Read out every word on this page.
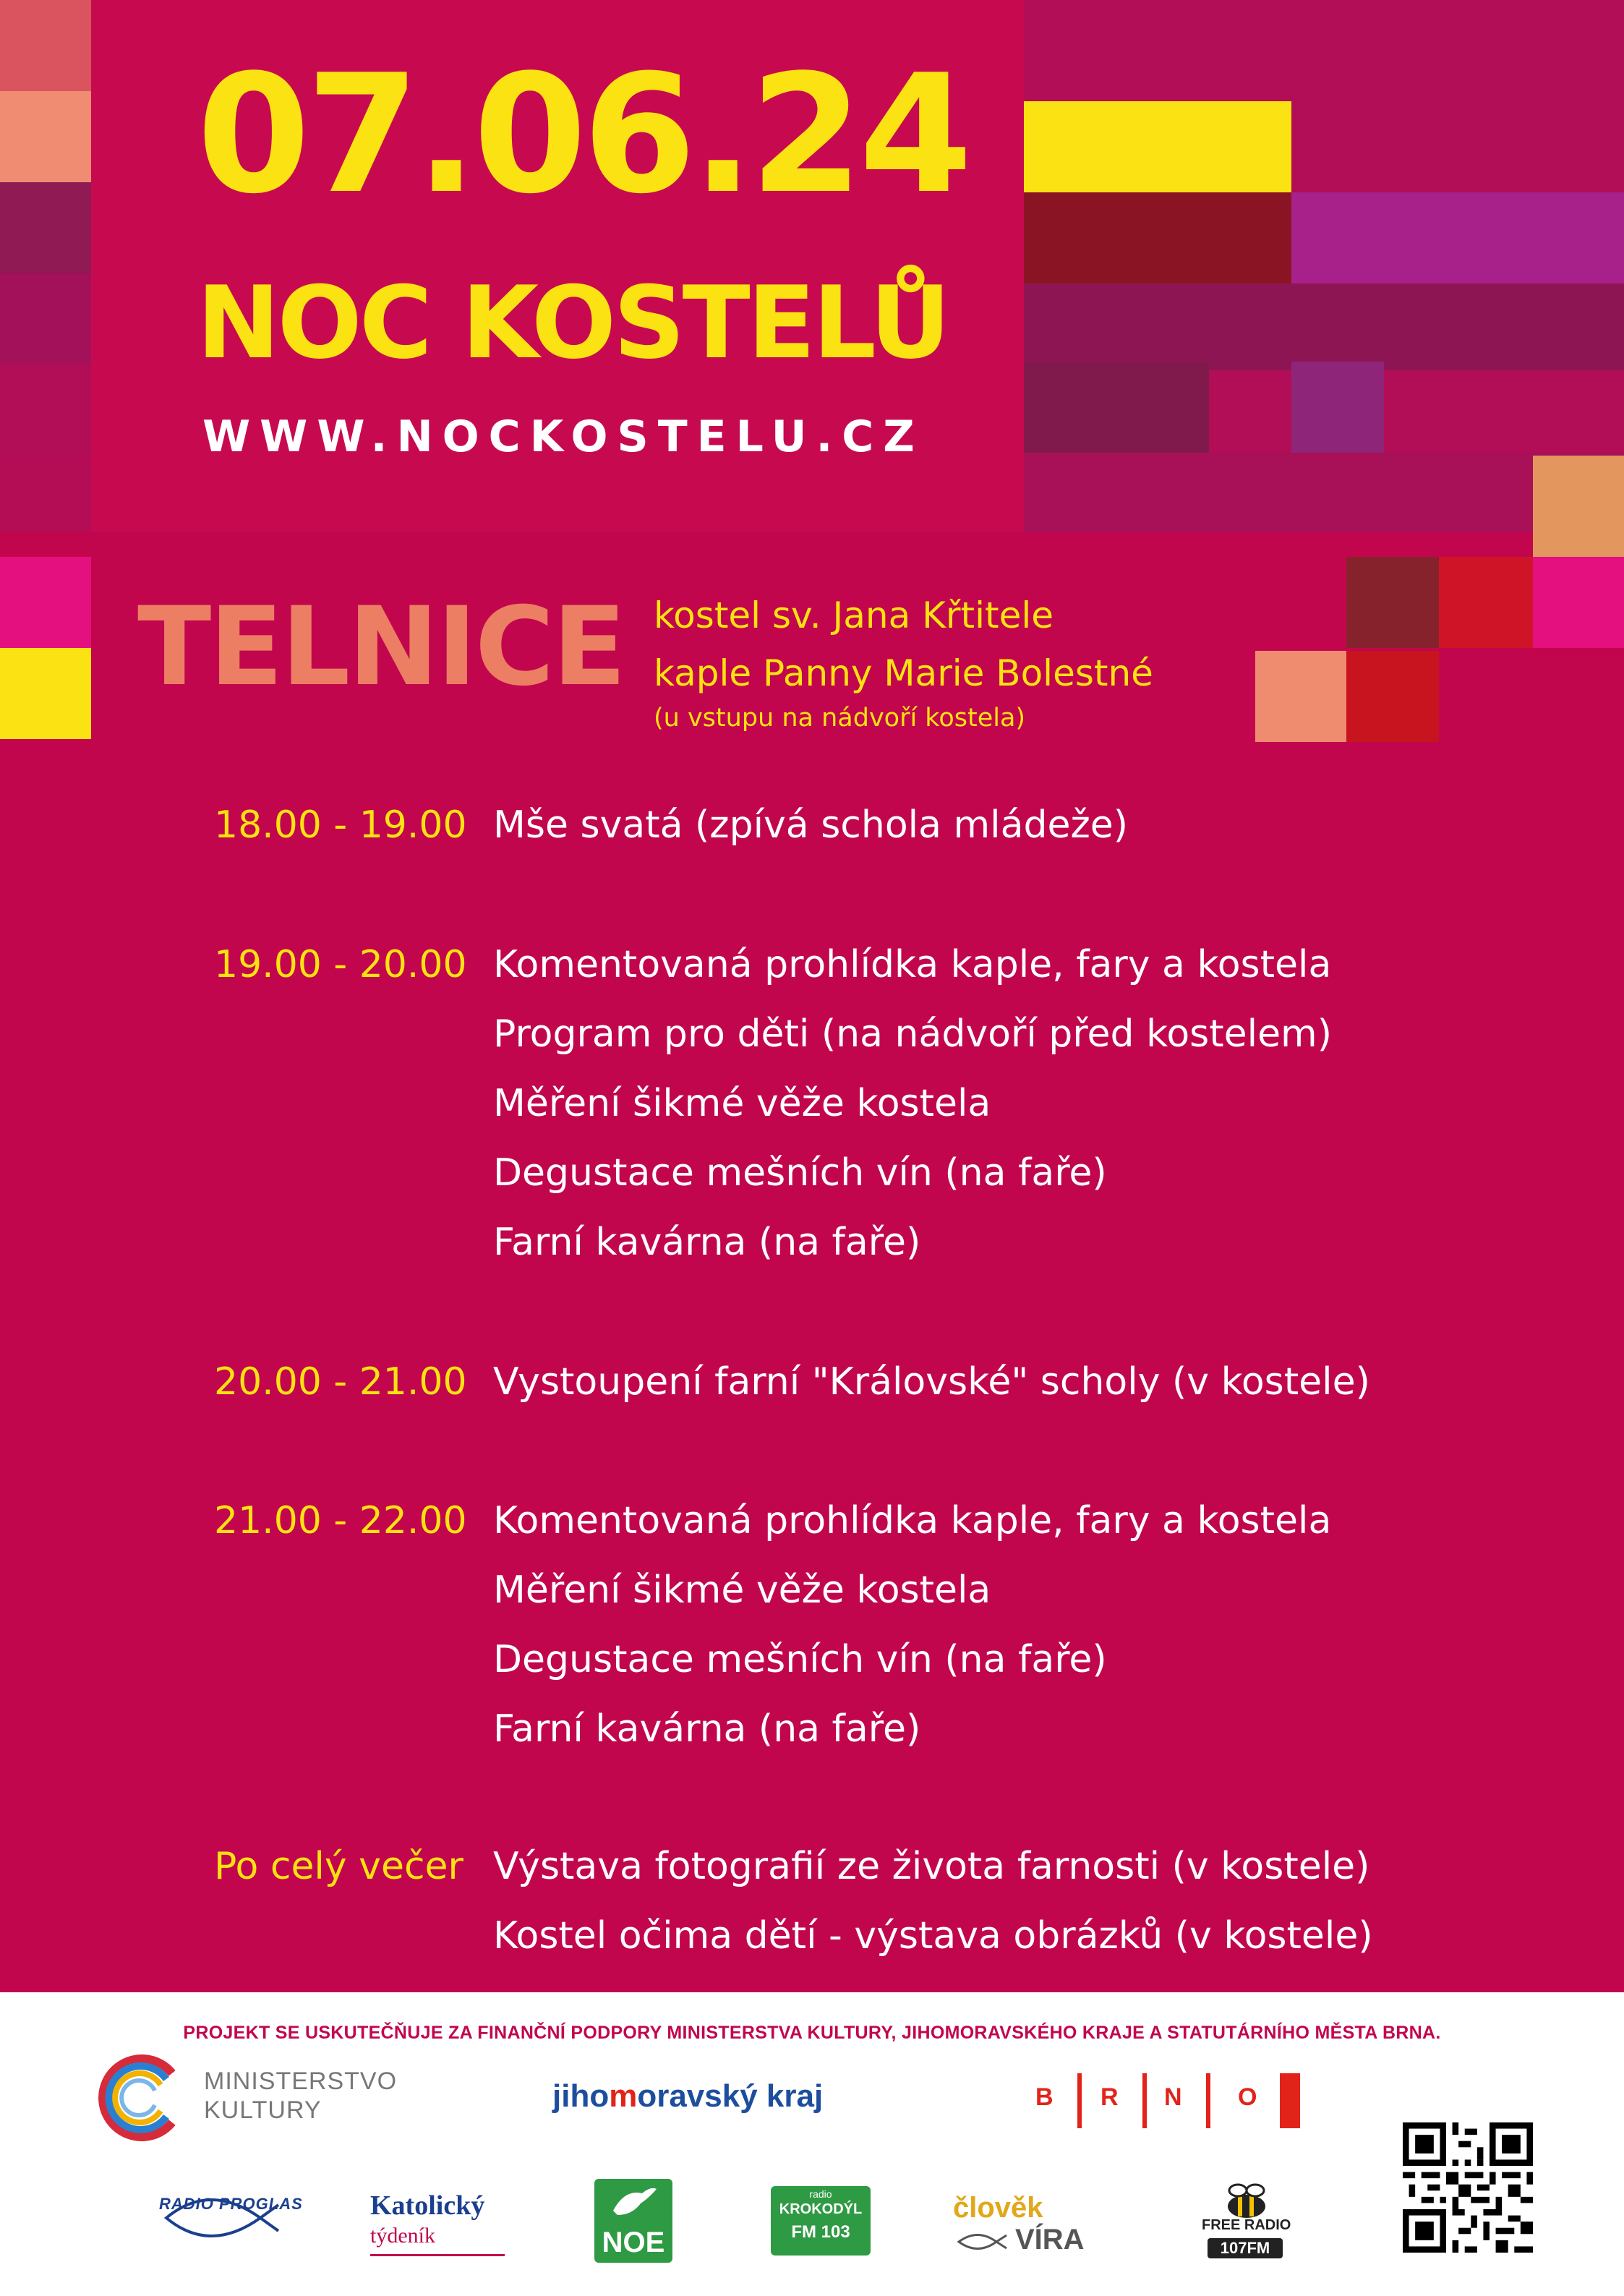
07.06.24
NOC KOSTELŮ
WWW.NOCKOSTELU.CZ
TELNICE kostel sv. Jana Křtitele
kaple Panny Marie Bolestné
(u vstupu na nádvoří kostela)
18.00 - 19.00 Mše svatá (zpívá schola mládeže)
19.00 - 20.00 Komentovaná prohlídka kaple, fary a kostela
Program pro děti (na nádvoří před kostelem)
Měření šikmé věže kostela
Degustace mešních vín (na faře)
Farní kavárna (na faře)
20.00 - 21.00 Vystoupení farní "Královské" scholy (v kostele)
21.00 - 22.00 Komentovaná prohlídka kaple, fary a kostela
Měření šikmé věže kostela
Degustace mešních vín (na faře)
Farní kavárna (na faře)
Po celý večer Výstava fotografií ze života farnosti (v kostele)
Kostel očima dětí - výstava obrázků (v kostele)
PROJEKT SE USKUTEČŇUJE ZA FINANČNÍ PODPORY MINISTERSTVA KULTURY, JIHOMORAVSKÉHO KRAJE A STATUTÁRNÍHO MĚSTA BRNA.
MINISTERSTVO
KULTURY	jihomoravský kraj	B R N O
RADIO PROGLAS Katolický
týdeník	NOE
radio
KROKODÝL
FM 103
člověk
VÍRA	FREE RADIO
107FM
